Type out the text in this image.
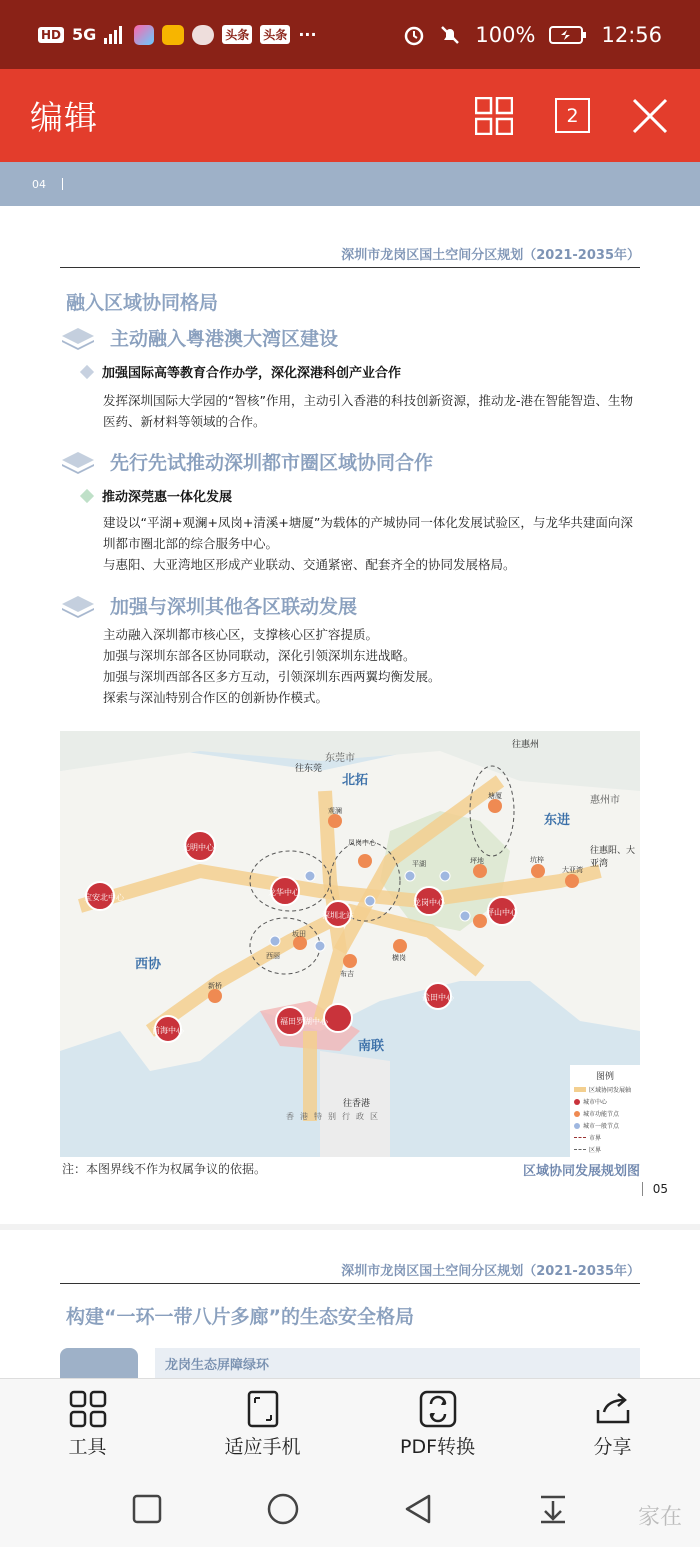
HD 5G	头条 头条 ···	100%	12:56
编辑	2
04
深圳市龙岗区国土空间分区规划（2021-2035年）
融入区域协同格局
主动融入粤港澳大湾区建设
加强国际高等教育合作办学，深化深港科创产业合作
发挥深圳国际大学园的“智核”作用，主动引入香港的科技创新资源，推动龙-港在智能智造、生物医药、新材料等领域的合作。
先行先试推动深圳都市圈区域协同合作
推动深莞惠一体化发展
建设以“平湖+观澜+凤岗+清溪+塘厦”为载体的产城协同一体化发展试验区，与龙华共建面向深圳都市圈北部的综合服务中心。
与惠阳、大亚湾地区形成产业联动、交通紧密、配套齐全的协同发展格局。
加强与深圳其他各区联动发展
主动融入深圳都市核心区，支撑核心区扩容提质。
加强与深圳东部各区协同联动，深化引领深圳东进战略。
加强与深圳西部各区多方互动，引领深圳东西两翼均衡发展。
探索与深汕特别合作区的创新协作模式。
东莞市
往东莞
北拓
往惠州
惠州市
东进
往惠阳、大亚湾
西协
南联
往香港
香港特别行政区
光明中心
宝安北中心
龙华中心
龙岗中心
坪山中心
福田罗湖中心
前海中心
盐田中心
深圳北站
凤岗中心
观澜
坂田
新桥
西丽
布吉
平湖
塘厦
坑梓
横岗
大亚湾
坪地
图例
区域协同发展轴
城市中心
城市功能节点
城市一般节点
市界
区界
注：本图界线不作为权属争议的依据。	区域协同发展规划图
05
深圳市龙岗区国土空间分区规划（2021-2035年）
构建“一环一带八片多廊”的生态安全格局
龙岗生态屏障绿环
工具	适应手机	PDF转换	分享
家在
